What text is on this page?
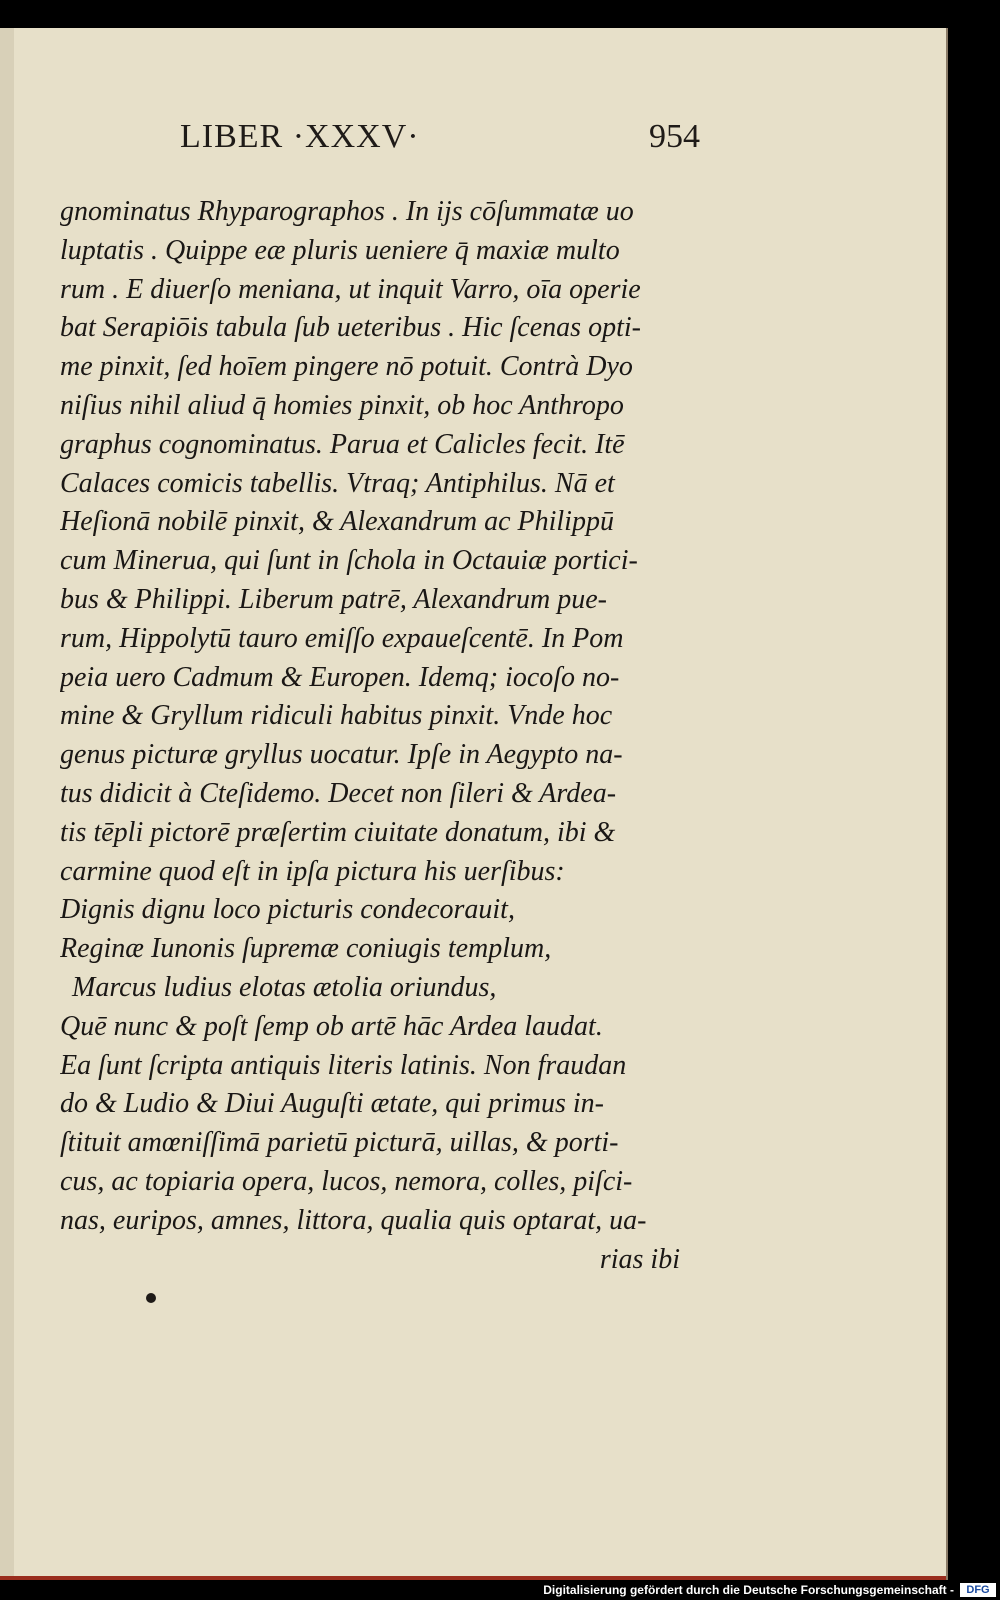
LIBER ·XXXV·	954
gnominatus Rhyparographos . In ijs cōſummatæ uo
luptatis . Quippe eæ pluris ueniere q̄ maxiæ multo
rum . E diuerſo meniana, ut inquit Varro, oīa operie
bat Serapiōis tabula ſub ueteribus . Hic ſcenas opti-
me pinxit, ſed hoīem pingere nō potuit. Contrà Dyo
niſius nihil aliud q̄ homies pinxit, ob hoc Anthropo
graphus cognominatus. Parua et Calicles fecit. Itē
Calaces comicis tabellis. Vtraq; Antiphilus. Nā et
Heſionā nobilē pinxit, & Alexandrum ac Philippū
cum Minerua, qui ſunt in ſchola in Octauiæ portici-
bus & Philippi. Liberum patrē, Alexandrum pue-
rum, Hippolytū tauro emiſſo expaueſcentē. In Pom
peia uero Cadmum & Europen. Idemq; iocoſo no-
mine & Gryllum ridiculi habitus pinxit. Vnde hoc
genus picturæ gryllus uocatur. Ipſe in Aegypto na-
tus didicit à Cteſidemo. Decet non ſileri & Ardea-
tis tēpli pictorē præſertim ciuitate donatum, ibi &
carmine quod eſt in ipſa pictura his uerſibus:
Dignis dignu loco picturis condecorauit,
Reginæ Iunonis ſupremæ coniugis templum,
Marcus ludius elotas ætolia oriundus,
Quē nunc & poſt ſemp ob artē hāc Ardea laudat.
Ea ſunt ſcripta antiquis literis latinis. Non fraudan
do & Ludio & Diui Auguſti ætate, qui primus in-
ſtituit amœniſſimā parietū picturā, uillas, & porti-
cus, ac topiaria opera, lucos, nemora, colles, piſci-
nas, euripos, amnes, littora, qualia quis optarat, ua-
rias ibi
Digitalisierung gefördert durch die Deutsche Forschungsgemeinschaft -	DFG
